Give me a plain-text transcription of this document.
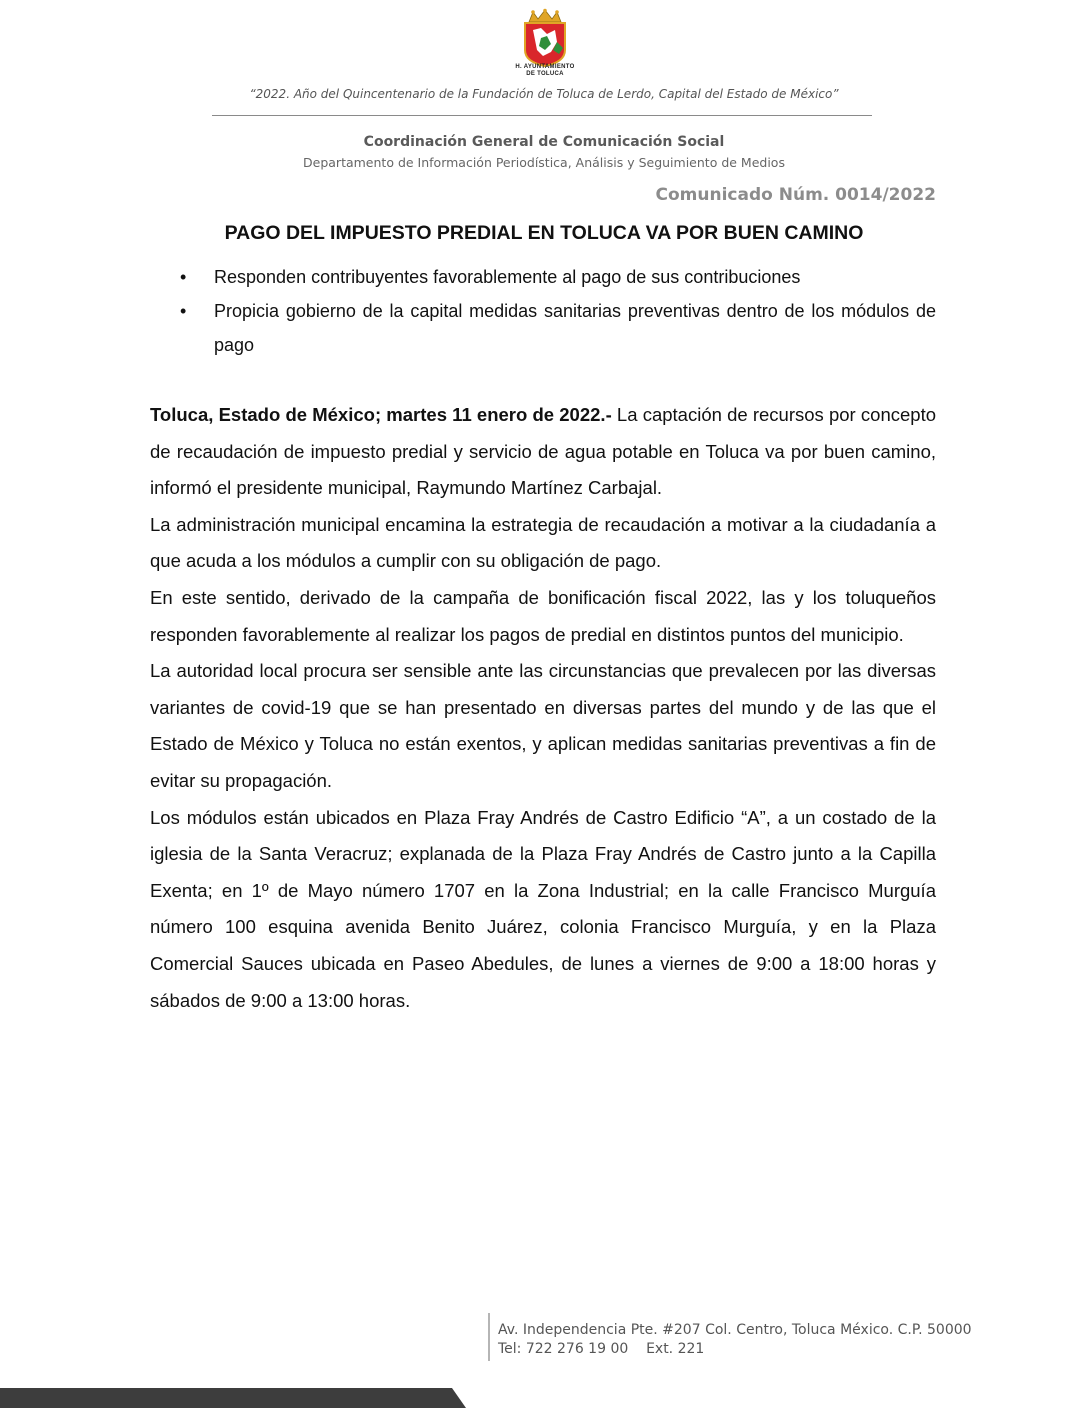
H. AYUNTAMIENTO
DE TOLUCA
“2022. Año del Quincentenario de la Fundación de Toluca de Lerdo, Capital del Estado de México”
Coordinación General de Comunicación Social
Departamento de Información Periodística, Análisis y Seguimiento de Medios
Comunicado Núm. 0014/2022
PAGO DEL IMPUESTO PREDIAL EN TOLUCA VA POR BUEN CAMINO
• Responden contribuyentes favorablemente al pago de sus contribuciones
• Propicia gobierno de la capital medidas sanitarias preventivas dentro de los módulos de pago

Toluca, Estado de México; martes 11 enero de 2022.- La captación de recursos por concepto de recaudación de impuesto predial y servicio de agua potable en Toluca va por buen camino, informó el presidente municipal, Raymundo Martínez Carbajal.

La administración municipal encamina la estrategia de recaudación a motivar a la ciudadanía a que acuda a los módulos a cumplir con su obligación de pago.

En este sentido, derivado de la campaña de bonificación fiscal 2022, las y los toluqueños responden favorablemente al realizar los pagos de predial en distintos puntos del municipio.

La autoridad local procura ser sensible ante las circunstancias que prevalecen por las diversas variantes de covid-19 que se han presentado en diversas partes del mundo y de las que el Estado de México y Toluca no están exentos, y aplican medidas sanitarias preventivas a fin de evitar su propagación.

Los módulos están ubicados en Plaza Fray Andrés de Castro Edificio “A”, a un costado de la iglesia de la Santa Veracruz; explanada de la Plaza Fray Andrés de Castro junto a la Capilla Exenta; en 1º de Mayo número 1707 en la Zona Industrial; en la calle Francisco Murguía número 100 esquina avenida Benito Juárez, colonia Francisco Murguía, y en la Plaza Comercial Sauces ubicada en Paseo Abedules, de lunes a viernes de 9:00 a 18:00 horas y sábados de 9:00 a 13:00 horas.

Av. Independencia Pte. #207 Col. Centro, Toluca México. C.P. 50000
Tel: 722 276 19 00    Ext. 221
